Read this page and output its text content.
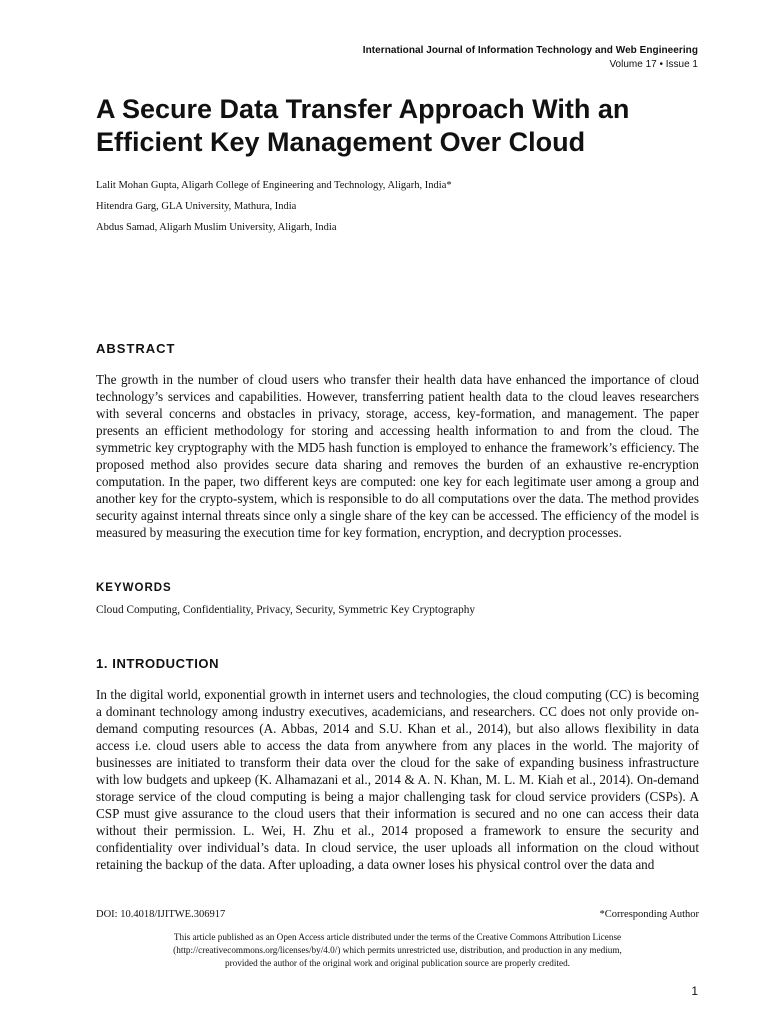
International Journal of Information Technology and Web Engineering
Volume 17 • Issue 1
A Secure Data Transfer Approach With an Efficient Key Management Over Cloud
Lalit Mohan Gupta, Aligarh College of Engineering and Technology, Aligarh, India*
Hitendra Garg, GLA University, Mathura, India
Abdus Samad, Aligarh Muslim University, Aligarh, India
ABSTRACT

The growth in the number of cloud users who transfer their health data have enhanced the importance of cloud technology’s services and capabilities. However, transferring patient health data to the cloud leaves researchers with several concerns and obstacles in privacy, storage, access, key-formation, and management. The paper presents an efficient methodology for storing and accessing health information to and from the cloud. The symmetric key cryptography with the MD5 hash function is employed to enhance the framework’s efficiency. The proposed method also provides secure data sharing and removes the burden of an exhaustive re-encryption computation. In the paper, two different keys are computed: one key for each legitimate user among a group and another key for the crypto-system, which is responsible to do all computations over the data. The method provides security against internal threats since only a single share of the key can be accessed. The efficiency of the model is measured by measuring the execution time for key formation, encryption, and decryption processes.

KEYWORDS
Cloud Computing, Confidentiality, Privacy, Security, Symmetric Key Cryptography
1. INTRODUCTION

In the digital world, exponential growth in internet users and technologies, the cloud computing (CC) is becoming a dominant technology among industry executives, academicians, and researchers. CC does not only provide on-demand computing resources (A. Abbas, 2014 and S.U. Khan et al., 2014), but also allows flexibility in data access i.e. cloud users able to access the data from anywhere from any places in the world. The majority of businesses are initiated to transform their data over the cloud for the sake of expanding business infrastructure with low budgets and upkeep (K. Alhamazani et al., 2014 & A. N. Khan, M. L. M. Kiah et al., 2014). On-demand storage service of the cloud computing is being a major challenging task for cloud service providers (CSPs). A CSP must give assurance to the cloud users that their information is secured and no one can access their data without their permission. L. Wei, H. Zhu et al., 2014 proposed a framework to ensure the security and confidentiality over individual’s data. In cloud service, the user uploads all information on the cloud without retaining the backup of the data. After uploading, a data owner loses his physical control over the data and

DOI: 10.4018/IJITWE.306917	*Corresponding Author
This article published as an Open Access article distributed under the terms of the Creative Commons Attribution License
(http://creativecommons.org/licenses/by/4.0/) which permits unrestricted use, distribution, and production in any medium,
provided the author of the original work and original publication source are properly credited.
1
